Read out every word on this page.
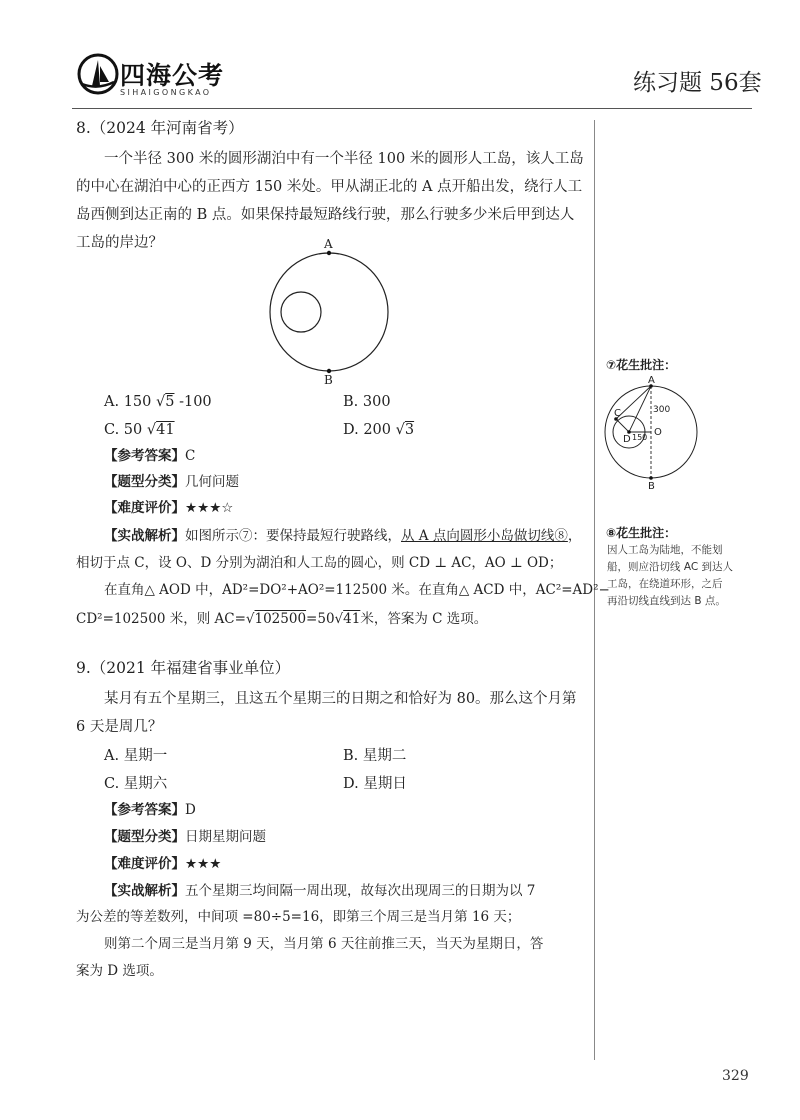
四海公考
SIHAIGONGKAO	练习题 56套
8.（2024 年河南省考）
一个半径 300 米的圆形湖泊中有一个半径 100 米的圆形人工岛，该人工岛
的中心在湖泊中心的正西方 150 米处。甲从湖正北的 A 点开船出发，绕行人工
岛西侧到达正南的 B 点。如果保持最短路线行驶，那么行驶多少米后甲到达人
工岛的岸边？	A
B
A. 150 √5 -100	B. 300
C. 50 √41	D. 200 √3
【参考答案】C
【题型分类】几何问题
【难度评价】★★★☆
【实战解析】如图所示⑦：要保持最短行驶路线，从 A 点向圆形小岛做切线⑧，
相切于点 C，设 O、D 分别为湖泊和人工岛的圆心，则 CD ⊥ AC，AO ⊥ OD；
在直角△ AOD 中，AD²=DO²+AO²=112500 米。在直角△ ACD 中，AC²=AD²−
CD²=102500 米，则 AC=√102500=50√41米，答案为 C 选项。
9.（2021 年福建省事业单位）
某月有五个星期三，且这五个星期三的日期之和恰好为 80。那么这个月第
6 天是周几？
A. 星期一	B. 星期二
C. 星期六	D. 星期日
【参考答案】D
【题型分类】日期星期问题
【难度评价】★★★
【实战解析】五个星期三均间隔一周出现，故每次出现周三的日期为以 7
为公差的等差数列，中间项 =80÷5=16，即第三个周三是当月第 16 天；
则第二个周三是当月第 9 天，当月第 6 天往前推三天，当天为星期日，答
案为 D 选项。
⑦花生批注：
A
B
C
D
O
300
150
⑧花生批注：
因人工岛为陆地，不能划
船，则应沿切线 AC 到达人
工岛，在绕道环形，之后
再沿切线直线到达 B 点。
329
